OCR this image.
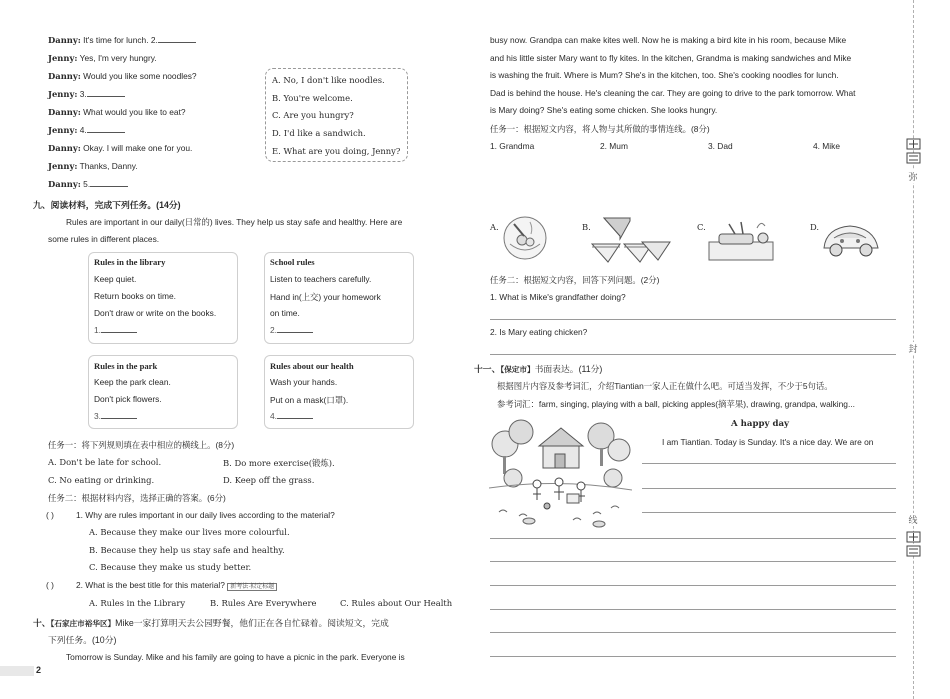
Danny: It's time for lunch. 2.
Jenny: Yes, I'm very hungry.
Danny: Would you like some noodles?
Jenny: 3.
Danny: What would you like to eat?
Jenny: 4.
Danny: Okay. I will make one for you.
Jenny: Thanks, Danny.
Danny: 5.
A. No, I don't like noodles.
B. You're welcome.
C. Are you hungry?
D. I'd like a sandwich.
E. What are you doing, Jenny?
九、阅读材料，完成下列任务。(14分)
Rules are important in our daily(日常的) lives. They help us stay safe and healthy. Here are
some rules in different places.
Rules in the library
Keep quiet.
Return books on time.
Don't draw or write on the books.
1.
School rules
Listen to teachers carefully.
Hand in(上交) your homework
on time.
2.
Rules in the park
Keep the park clean.
Don't pick flowers.
3.
Rules about our health
Wash your hands.
Put on a mask(口罩).
4.
任务一：将下列规则填在表中相应的横线上。(8分)
A. Don't be late for school.	B. Do more exercise(锻炼).
C. No eating or drinking.	D. Keep off the grass.
任务二：根据材料内容，选择正确的答案。(6分)
( )	1. Why are rules important in our daily lives according to the material?
A. Because they make our lives more colourful.
B. Because they help us stay safe and healthy.
C. Because they make us study better.
( )	2. What is the best title for this material? 新考法·拟定标题
A. Rules in the Library	B. Rules Are Everywhere	C. Rules about Our Health
十、【石家庄市裕华区】Mike一家打算明天去公园野餐，他们正在各自忙碌着。阅读短文，完成
下列任务。(10分)
Tomorrow is Sunday. Mike and his family are going to have a picnic in the park. Everyone is
2
busy now. Grandpa can make kites well. Now he is making a bird kite in his room, because Mike
and his little sister Mary want to fly kites. In the kitchen, Grandma is making sandwiches and Mike
is washing the fruit. Where is Mum? She's in the kitchen, too. She's cooking noodles for lunch.
Dad is behind the house. He's cleaning the car. They are going to drive to the park tomorrow. What
is Mary doing? She's eating some chicken. She looks hungry.
任务一：根据短文内容，将人物与其所做的事情连线。(8分)
1. Grandma	2. Mum	3. Dad	4. Mike
A.	B.	C.	D.
任务二：根据短文内容，回答下列问题。(2分)
1. What is Mike's grandfather doing?
2. Is Mary eating chicken?
十一、【保定市】书面表达。(11分)
根据图片内容及参考词汇，介绍Tiantian一家人正在做什么吧。可适当发挥，不少于5句话。
参考词汇：farm, singing, playing with a ball, picking apples(摘苹果), drawing, grandpa, walking...
A happy day
I am Tiantian. Today is Sunday. It's a nice day. We are on
弥
封
线
